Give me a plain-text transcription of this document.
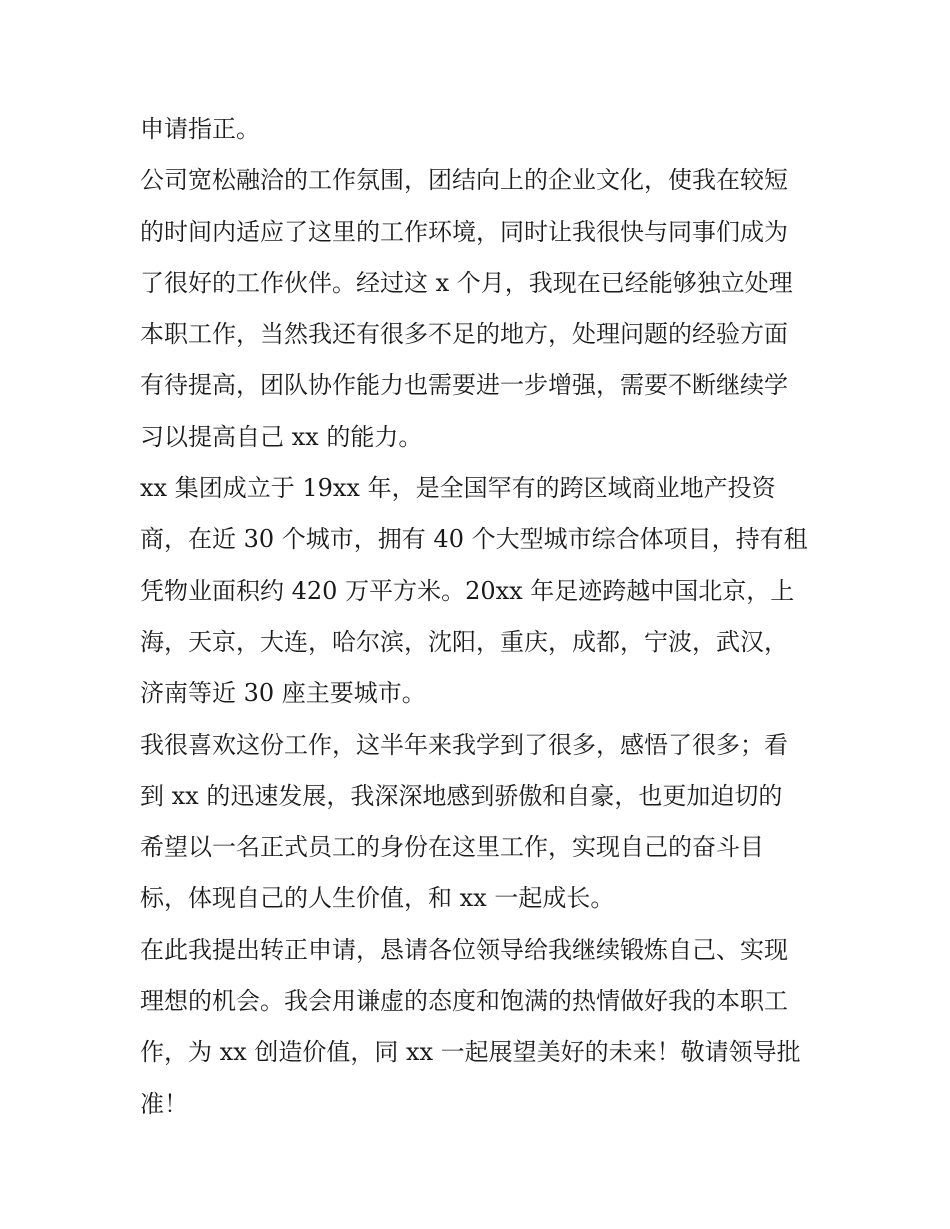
申请指正。

公司宽松融洽的工作氛围，团结向上的企业文化，使我在较短
的时间内适应了这里的工作环境，同时让我很快与同事们成为
了很好的工作伙伴。经过这 x 个月，我现在已经能够独立处理
本职工作，当然我还有很多不足的地方，处理问题的经验方面
有待提高，团队协作能力也需要进一步增强，需要不断继续学
习以提高自己 xx 的能力。

xx 集团成立于 19xx 年，是全国罕有的跨区域商业地产投资
商，在近 30 个城市，拥有 40 个大型城市综合体项目，持有租
凭物业面积约 420 万平方米。20xx 年足迹跨越中国北京，上
海，天京，大连，哈尔滨，沈阳，重庆，成都，宁波，武汉，
济南等近 30 座主要城市。

我很喜欢这份工作，这半年来我学到了很多，感悟了很多；看
到 xx 的迅速发展，我深深地感到骄傲和自豪，也更加迫切的
希望以一名正式员工的身份在这里工作，实现自己的奋斗目
标，体现自己的人生价值，和 xx 一起成长。

在此我提出转正申请，恳请各位领导给我继续锻炼自己、实现
理想的机会。我会用谦虚的态度和饱满的热情做好我的本职工
作，为 xx 创造价值，同 xx 一起展望美好的未来！敬请领导批
准！
